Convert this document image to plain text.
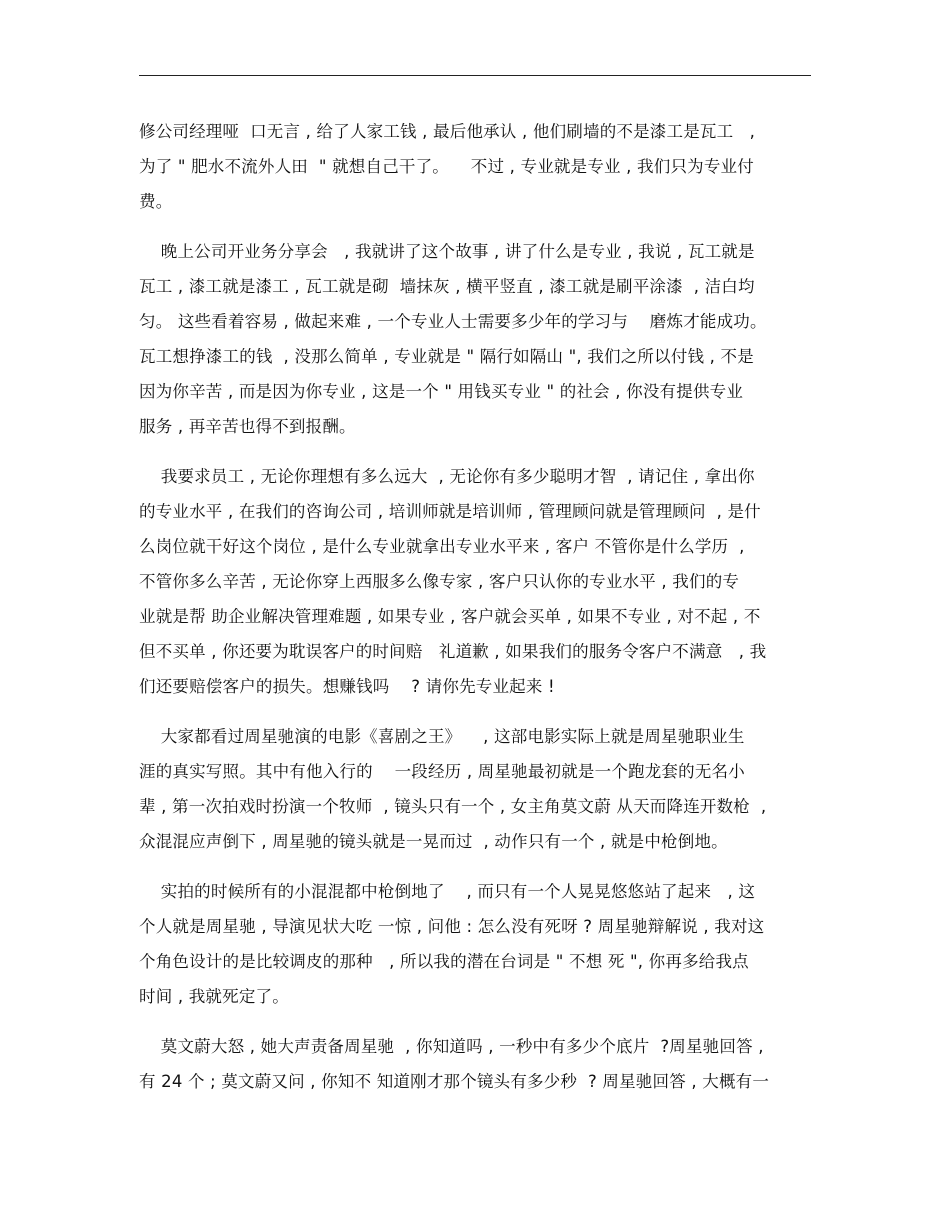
修公司经理哑  口无言 , 给了人家工钱 , 最后他承认 , 他们刷墙的不是漆工是瓦工   ,
为了 " 肥水不流外人田  " 就想自己干了。    不过 , 专业就是专业 , 我们只为专业付
费。
晚上公司开业务分享会   , 我就讲了这个故事 , 讲了什么是专业 , 我说 , 瓦工就是
瓦工 , 漆工就是漆工 , 瓦工就是砌  墙抹灰 , 横平竖直 , 漆工就是刷平涂漆  , 洁白均
匀。 这些看着容易 , 做起来难 , 一个专业人士需要多少年的学习与    磨炼才能成功。
瓦工想挣漆工的钱  , 没那么简单 , 专业就是 " 隔行如隔山 ", 我们之所以付钱 , 不是
因为你辛苦 , 而是因为你专业 , 这是一个 " 用钱买专业 " 的社会 , 你没有提供专业
服务 , 再辛苦也得不到报酬。
我要求员工 , 无论你理想有多么远大  , 无论你有多少聪明才智  , 请记住 , 拿出你
的专业水平 , 在我们的咨询公司 , 培训师就是培训师 , 管理顾问就是管理顾问  , 是什
么岗位就干好这个岗位 , 是什么专业就拿出专业水平来 , 客户 不管你是什么学历  ,
不管你多么辛苦 , 无论你穿上西服多么像专家 , 客户只认你的专业水平 , 我们的专
业就是帮 助企业解决管理难题 , 如果专业 , 客户就会买单 , 如果不专业 , 对不起 , 不
但不买单 , 你还要为耽误客户的时间赔   礼道歉 , 如果我们的服务令客户不满意   , 我
们还要赔偿客户的损失。想赚钱吗    ? 请你先专业起来 !
大家都看过周星驰演的电影《喜剧之王》    , 这部电影实际上就是周星驰职业生
涯的真实写照。其中有他入行的    一段经历 , 周星驰最初就是一个跑龙套的无名小
辈 , 第一次拍戏时扮演一个牧师  , 镜头只有一个 , 女主角莫文蔚 从天而降连开数枪  ,
众混混应声倒下 , 周星驰的镜头就是一晃而过  , 动作只有一个 , 就是中枪倒地。
实拍的时候所有的小混混都中枪倒地了    , 而只有一个人晃晃悠悠站了起来   , 这
个人就是周星驰 , 导演见状大吃 一惊 , 问他 : 怎么没有死呀 ? 周星驰辩解说 , 我对这
个角色设计的是比较调皮的那种   , 所以我的潜在台词是 " 不想 死 ", 你再多给我点
时间 , 我就死定了。
莫文蔚大怒 , 她大声责备周星驰  , 你知道吗 , 一秒中有多少个底片  ?周星驰回答 ,
有 24 个 ; 莫文蔚又问 , 你知不 知道刚才那个镜头有多少秒  ? 周星驰回答 , 大概有一
